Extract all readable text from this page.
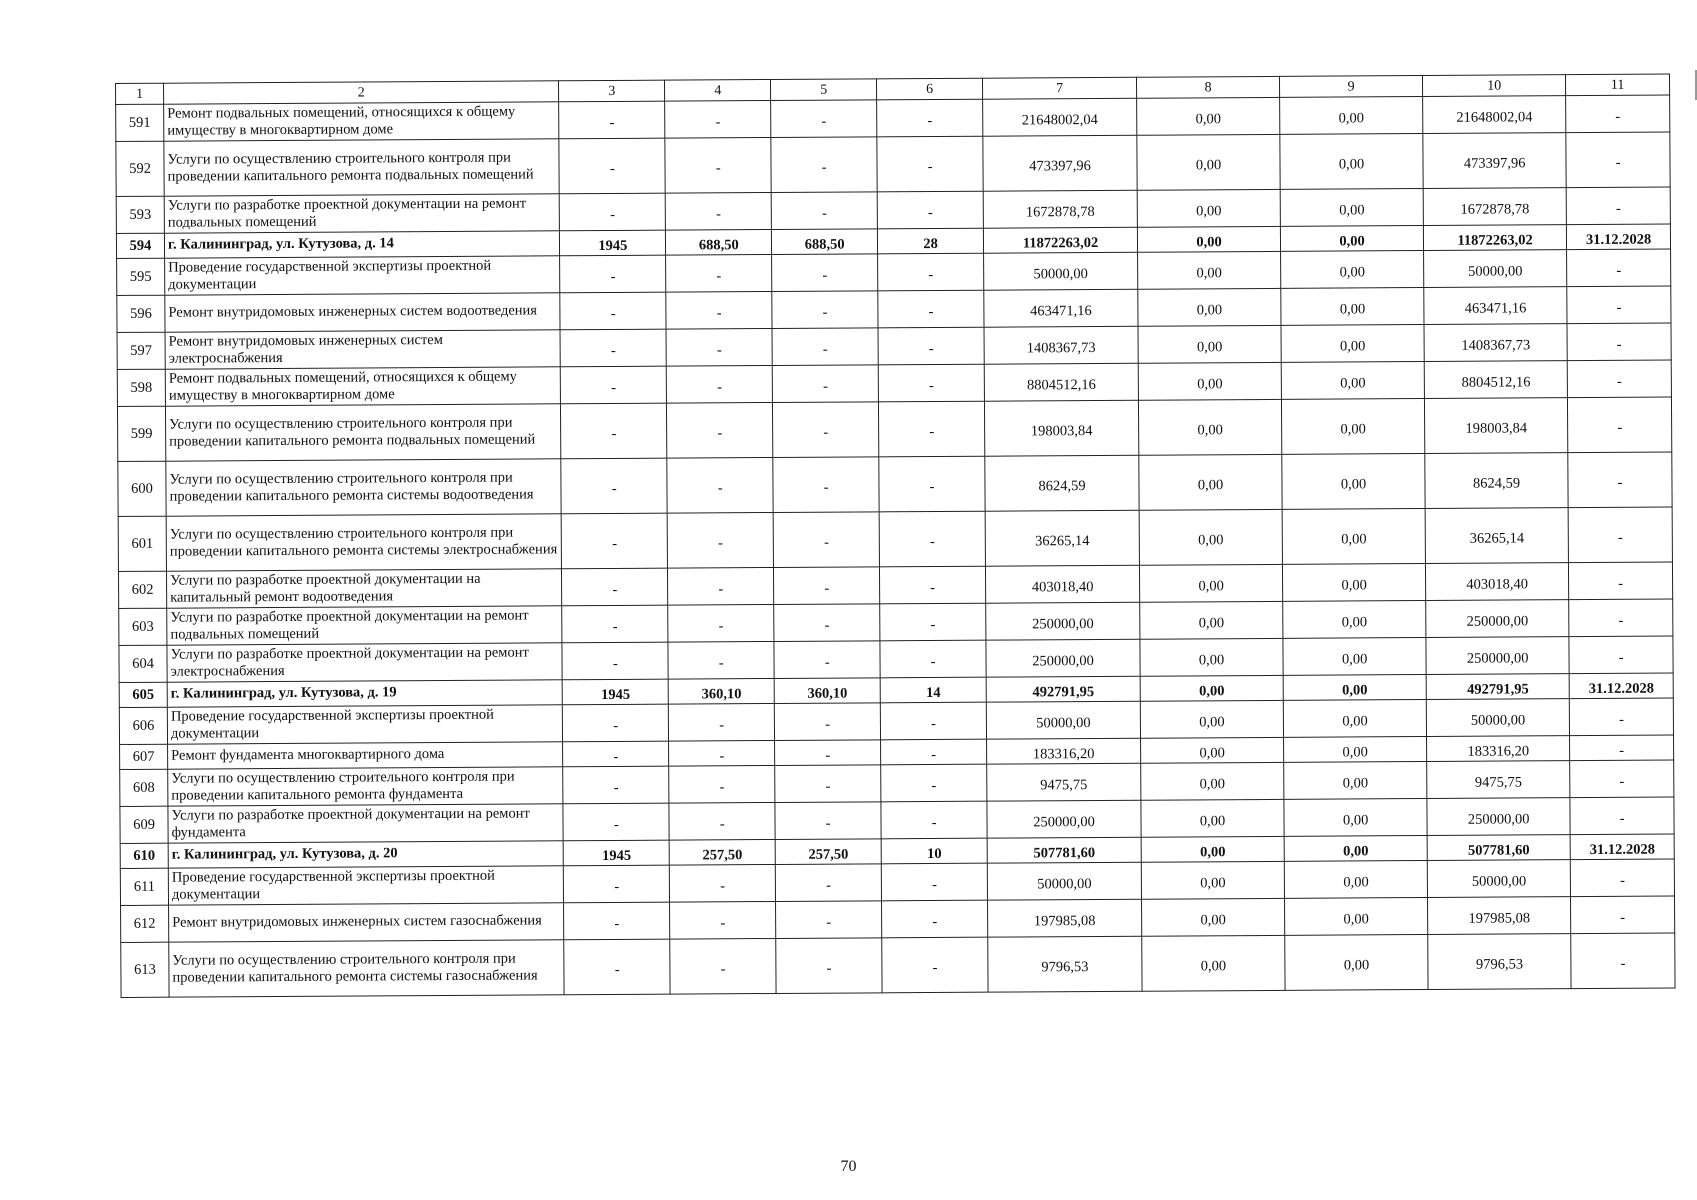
1	2	3	4	5	6	7	8	9	10	11
591	Ремонт подвальных помещений, относящихся к общему имуществу в многоквартирном доме	-	-	-	-	21648002,04	0,00	0,00	21648002,04	-
592	Услуги по осуществлению строительного контроля при проведении капитального ремонта подвальных помещений	-	-	-	-	473397,96	0,00	0,00	473397,96	-
593	Услуги по разработке проектной документации на ремонт подвальных помещений	-	-	-	-	1672878,78	0,00	0,00	1672878,78	-
594	г. Калининград, ул. Кутузова, д. 14	1945	688,50	688,50	28	11872263,02	0,00	0,00	11872263,02	31.12.2028
595	Проведение государственной экспертизы проектной документации	-	-	-	-	50000,00	0,00	0,00	50000,00	-
596	Ремонт внутридомовых инженерных систем водоотведения	-	-	-	-	463471,16	0,00	0,00	463471,16	-
597	Ремонт внутридомовых инженерных систем электроснабжения	-	-	-	-	1408367,73	0,00	0,00	1408367,73	-
598	Ремонт подвальных помещений, относящихся к общему имуществу в многоквартирном доме	-	-	-	-	8804512,16	0,00	0,00	8804512,16	-
599	Услуги по осуществлению строительного контроля при проведении капитального ремонта подвальных помещений	-	-	-	-	198003,84	0,00	0,00	198003,84	-
600	Услуги по осуществлению строительного контроля при проведении капитального ремонта системы водоотведения	-	-	-	-	8624,59	0,00	0,00	8624,59	-
601	Услуги по осуществлению строительного контроля при проведении капитального ремонта системы электроснабжения	-	-	-	-	36265,14	0,00	0,00	36265,14	-
602	Услуги по разработке проектной документации на капитальный ремонт водоотведения	-	-	-	-	403018,40	0,00	0,00	403018,40	-
603	Услуги по разработке проектной документации на ремонт подвальных помещений	-	-	-	-	250000,00	0,00	0,00	250000,00	-
604	Услуги по разработке проектной документации на ремонт электроснабжения	-	-	-	-	250000,00	0,00	0,00	250000,00	-
605	г. Калининград, ул. Кутузова, д. 19	1945	360,10	360,10	14	492791,95	0,00	0,00	492791,95	31.12.2028
606	Проведение государственной экспертизы проектной документации	-	-	-	-	50000,00	0,00	0,00	50000,00	-
607	Ремонт фундамента многоквартирного дома	-	-	-	-	183316,20	0,00	0,00	183316,20	-
608	Услуги по осуществлению строительного контроля при проведении капитального ремонта фундамента	-	-	-	-	9475,75	0,00	0,00	9475,75	-
609	Услуги по разработке проектной документации на ремонт фундамента	-	-	-	-	250000,00	0,00	0,00	250000,00	-
610	г. Калининград, ул. Кутузова, д. 20	1945	257,50	257,50	10	507781,60	0,00	0,00	507781,60	31.12.2028
611	Проведение государственной экспертизы проектной документации	-	-	-	-	50000,00	0,00	0,00	50000,00	-
612	Ремонт внутридомовых инженерных систем газоснабжения	-	-	-	-	197985,08	0,00	0,00	197985,08	-
613	Услуги по осуществлению строительного контроля при проведении капитального ремонта системы газоснабжения	-	-	-	-	9796,53	0,00	0,00	9796,53	-
70
